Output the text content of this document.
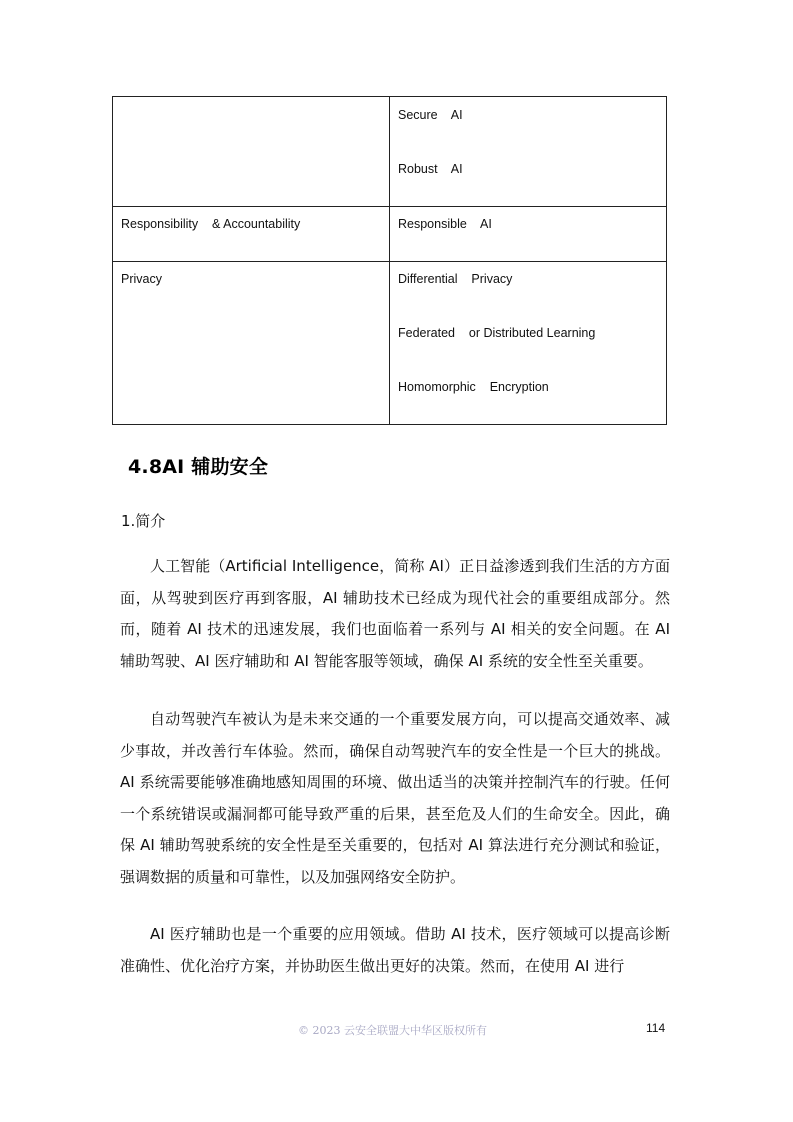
	Secure    AI
Robust    AI

Responsibility    & Accountability	Responsible    AI

Privacy	Differential    Privacy
Federated    or Distributed Learning
Homomorphic    Encryption
4.8AI 辅助安全
1.简介

人工智能（Artificial Intelligence，简称 AI）正日益渗透到我们生活的方方面面，从驾驶到医疗再到客服，AI 辅助技术已经成为现代社会的重要组成部分。然而，随着 AI 技术的迅速发展，我们也面临着一系列与 AI 相关的安全问题。在 AI 辅助驾驶、AI 医疗辅助和 AI 智能客服等领域，确保 AI 系统的安全性至关重要。

自动驾驶汽车被认为是未来交通的一个重要发展方向，可以提高交通效率、减少事故，并改善行车体验。然而，确保自动驾驶汽车的安全性是一个巨大的挑战。AI 系统需要能够准确地感知周围的环境、做出适当的决策并控制汽车的行驶。任何一个系统错误或漏洞都可能导致严重的后果，甚至危及人们的生命安全。因此，确保 AI 辅助驾驶系统的安全性是至关重要的，包括对 AI 算法进行充分测试和验证，强调数据的质量和可靠性，以及加强网络安全防护。

AI 医疗辅助也是一个重要的应用领域。借助 AI 技术，医疗领域可以提高诊断准确性、优化治疗方案，并协助医生做出更好的决策。然而，在使用 AI 进行

© 2023 云安全联盟大中华区版权所有	114
